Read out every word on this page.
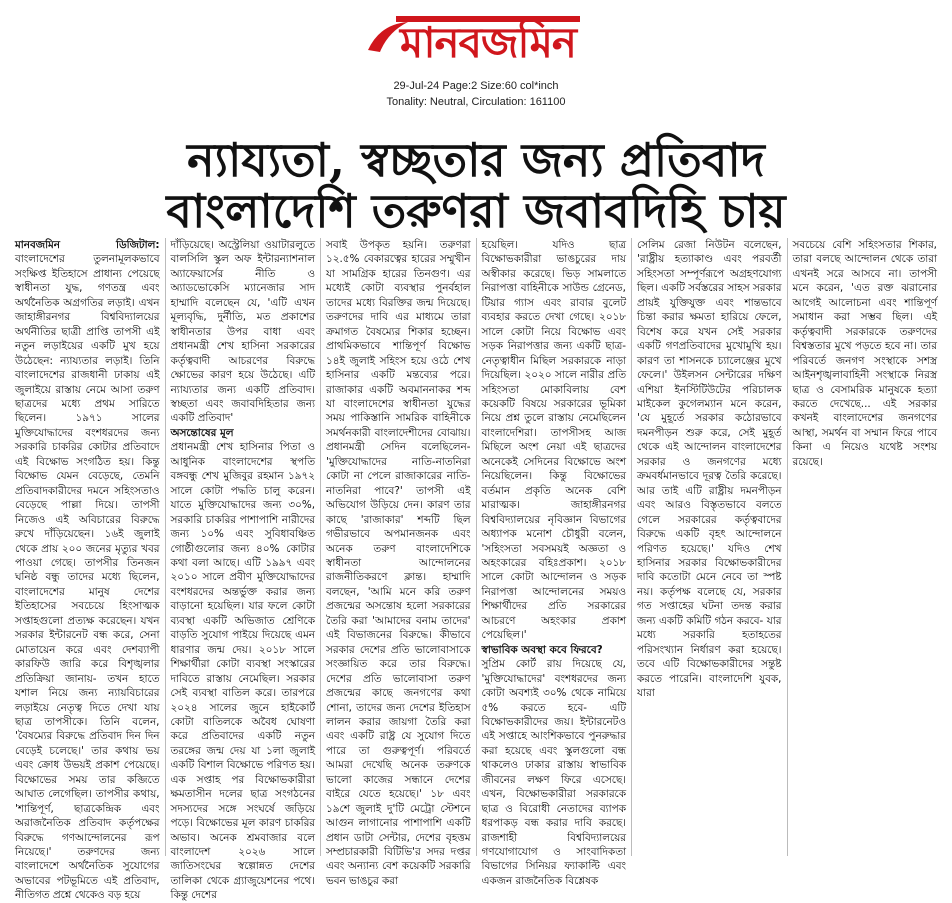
মানবজমিন
29-Jul-24 Page:2 Size:60 col*inch
Tonality: Neutral, Circulation: 161100
ন্যায্যতা, স্বচ্ছতার জন্য প্রতিবাদ
বাংলাদেশি তরুণরা জবাবদিহি চায়

মানবজমিন ডিজিটাল: বাংলাদেশের তুলনামূলকভাবে সংক্ষিপ্ত ইতিহাসে প্রাধান্য পেয়েছে স্বাধীনতা যুদ্ধ, গণতন্ত্র এবং অর্থনৈতিক অগ্রগতির লড়াই। এখন জাহাঙ্গীরনগর বিশ্ববিদ্যালয়ের অর্থনীতির ছাত্রী প্রাপ্তি তাপসী এই নতুন লড়াইয়ের একটি মুখ হয়ে উঠেছেন: ন্যায্যতার লড়াই। তিনি বাংলাদেশের রাজধানী ঢাকায় এই জুলাইয়ে রাস্তায় নেমে আসা তরুণ ছাত্রদের মধ্যে প্রথম সারিতে ছিলেন। ১৯৭১ সালের মুক্তিযোদ্ধাদের বংশধরদের জন্য সরকারি চাকরির কোটার প্রতিবাদে এই বিক্ষোভ সংগঠিত হয়। কিন্তু বিক্ষোভ যেমন বেড়েছে, তেমনি প্রতিবাদকারীদের দমনে সহিংসতাও বেড়েছে পাল্লা দিয়ে। তাপসী নিজেও এই অবিচারের বিরুদ্ধে রুখে দাঁড়িয়েছেন। ১৬ই জুলাই থেকে প্রায় ২০০ জনের মৃত্যুর খবর পাওয়া গেছে। তাপসীর তিনজন ঘনিষ্ঠ বন্ধু তাদের মধ্যে ছিলেন, বাংলাদেশের মানুষ দেশের ইতিহাসের সবচেয়ে হিংসাত্মক সপ্তাহগুলো প্রত্যক্ষ করেছেন। যখন সরকার ইন্টারনেট বন্ধ করে, সেনা মোতায়েন করে এবং দেশব্যাপী কারফিউ জারি করে বিশৃঙ্খলার প্রতিক্রিয়া জানায়- তখন হাতে যশাল নিয়ে জন্য ন্যায়বিচারের লড়াইয়ে নেতৃত্ব দিতে দেখা যায় ছাত্র তাপসীকে। তিনি বলেন, 'বৈষম্যের বিরুদ্ধে প্রতিবাদ দিন দিন বেড়েই চলেছে।' তার কথায় ভয় এবং ক্রোধ উভয়ই প্রকাশ পেয়েছে। বিক্ষোভের সময় তার কব্জিতে আঘাত লেগেছিল। তাপসীর কথায়, 'শান্তিপূর্ণ, ছাত্রকেন্দ্রিক এবং অরাজনৈতিক প্রতিবাদ কর্তৃপক্ষের বিরুদ্ধে গণআন্দোলনের রূপ নিয়েছে।' তরুণদের জন্য বাংলাদেশে অর্থনৈতিক সুযোগের অভাবের পটভূমিতে এই প্রতিবাদ, নীতিগত প্রশ্নে থেকেও বড় হয়ে

দাঁড়িয়েছে। অস্ট্রেলিয়া ওয়াটারলুতে বালসিলি স্কুল অফ ইন্টারন্যাশনাল অ্যাফেয়ার্সের নীতি ও অ্যাডভোকেসি ম্যানেজার সাদ হাম্মাদি বলেছেন যে, 'এটি এখন মূল্যবৃদ্ধি, দুর্নীতি, মত প্রকাশের স্বাধীনতার উপর বাধা এবং প্রধানমন্ত্রী শেখ হাসিনা সরকারের কর্তৃত্ববাদী আচরণের বিরুদ্ধে ক্ষোভের কারণ হয়ে উঠেছে। এটি ন্যায্যতার জন্য একটি প্রতিবাদ। স্বচ্ছতা এবং জবাবদিহিতার জন্য একটি প্রতিবাদ'

অসন্তোষের মূল

প্রধানমন্ত্রী শেখ হাসিনার পিতা ও আধুনিক বাংলাদেশের স্থপতি বঙ্গবন্ধু শেখ মুজিবুর রহমান ১৯৭২ সালে কোটা পদ্ধতি চালু করেন। যাতে মুক্তিযোদ্ধাদের জন্য ৩০%, সরকারি চাকরির পাশাপাশি নারীদের জন্য ১০% এবং সুবিধাবঞ্চিত গোষ্ঠীগুলোর জন্য ৪০% কোটার কথা বলা আছে। এটি ১৯৯৭ এবং ২০১০ সালে প্রবীণ মুক্তিযোদ্ধাদের বংশধরদের অন্তর্ভুক্ত করার জন্য বাড়ানো হয়েছিল। যার ফলে কোটা ব্যবস্থা একটি অভিজাত শ্রেণিকে বাড়তি সুযোগ পাইয়ে দিয়েছে এমন ধারণার জন্ম দেয়। ২০১৮ সালে শিক্ষার্থীরা কোটা ব্যবস্থা সংস্কারের দাবিতে রাস্তায় নেমেছিল। সরকার সেই ব্যবস্থা বাতিল করে। তারপরে ২০২৪ সালের জুনে হাইকোর্ট কোটা বাতিলকে অবৈধ ঘোষণা করে প্রতিবাদের একটি নতুন তরঙ্গের জন্ম দেয় যা ১লা জুলাই একটি বিশাল বিক্ষোভে পরিণত হয়। এক সপ্তাহ পর বিক্ষোভকারীরা ক্ষমতাসীন দলের ছাত্র সংগঠনের সদস্যদের সঙ্গে সংঘর্ষে জড়িয়ে পড়ে। বিক্ষোভের মূল কারণ চাকরির অভাব। অনেক শ্রমবাজার বলে বাংলাদেশ ২০২৬ সালে জাতিসংঘের স্বল্পোন্নত দেশের তালিকা থেকে গ্র্যাজুয়েশনের পথে। কিন্তু দেশের

সবাই উপকৃত হয়নি। তরুণরা ১২.৫% বেকারত্বের হারের সম্মুখীন যা সামগ্রিক হারের তিনগুণ। এর মধ্যেই কোটা ব্যবস্থার পুনর্বহাল তাদের মধ্যে বিরক্তির জন্ম দিয়েছে। তরুণদের দাবি এর মাধ্যমে তারা ক্রমাগত বৈষম্যের শিকার হচ্ছেন। প্রাথমিকভাবে শান্তিপূর্ণ বিক্ষোভ ১৪ই জুলাই সহিংস হয়ে ওঠে শেখ হাসিনার একটি মন্তব্যের পরে। রাজাকার একটি অবমাননাকর শব্দ যা বাংলাদেশের স্বাধীনতা যুদ্ধের সময় পাকিস্তানি সামরিক বাহিনীকে সমর্থনকারী বাংলাদেশীদের বোঝায়। প্রধানমন্ত্রী সেদিন বলেছিলেন- 'মুক্তিযোদ্ধাদের নাতি-নাতনিরা কোটা না পেলে রাজাকারের নাতি-নাতনিরা পাবে?' তাপসী এই অভিযোগ উড়িয়ে দেন। কারণ তার কাছে 'রাজাকার' শব্দটি ছিল গভীরভাবে অপমানজনক এবং অনেক তরুণ বাংলাদেশিকে স্বাধীনতা আন্দোলনের রাজনীতিকরণে ক্লান্ত। হাম্মাদি বলছেন, 'আমি মনে করি তরুণ প্রজন্মের অসন্তোষ হলো সরকারের তৈরি করা 'আমাদের বনাম তাদের' এই বিভাজনের বিরুদ্ধে। কীভাবে সরকার দেশের প্রতি ভালোবাসাকে সংজ্ঞায়িত করে তার বিরুদ্ধে। দেশের প্রতি ভালোবাসা তরুণ প্রজন্মের কাছে জনগণের কথা শোনা, তাদের জন্য দেশের ইতিহাস লালন করার জায়গা তৈরি করা এবং একটি রাষ্ট্র যে সুযোগ দিতে পারে তা গুরুত্বপূর্ণ। পরিবর্তে আমরা দেখেছি অনেক তরুণকে ভালো কাজের সন্ধানে দেশের বাইরে যেতে হয়েছে।' ১৮ এবং ১৯শে জুলাই দু'টি মেট্রো স্টেশনে আগুন লাগানোর পাশাপাশি একটি প্রধান ডাটা সেন্টার, দেশের বৃহত্তম সম্প্রচারকারী বিটিভি'র সদর দপ্তর এবং অন্যান্য বেশ কয়েকটি সরকারি ভবন ভাঙচুর করা

হয়েছিল। যদিও ছাত্র বিক্ষোভকারীরা ভাঙচুরের দায় অস্বীকার করেছে। ভিড় সামলাতে নিরাপত্তা বাহিনীকে সাউন্ড গ্রেনেড, টিয়ার গ্যাস এবং রাবার বুলেট ব্যবহার করতে দেখা গেছে। ২০১৮ সালে কোটা নিয়ে বিক্ষোভ এবং সড়ক নিরাপত্তার জন্য একটি ছাত্র-নেতৃত্বাধীন মিছিল সরকারকে নাড়া দিয়েছিল। ২০২০ সালে নারীর প্রতি সহিংসতা মোকাবিলায় বেশ কয়েকটি বিষয়ে সরকারের ভূমিকা নিয়ে প্রশ্ন তুলে রাস্তায় নেমেছিলেন বাংলাদেশিরা। তাপসীসহ আজ মিছিলে অংশ নেয়া এই ছাত্রদের অনেকেই সেদিনের বিক্ষোভে অংশ নিয়েছিলেন। কিন্তু বিক্ষোভের বর্তমান প্রকৃতি অনেক বেশি মারাত্মক। জাহাঙ্গীরনগর বিশ্ববিদ্যালয়ের নৃবিজ্ঞান বিভাগের অধ্যাপক মনোশ চৌধুরী বলেন, 'সহিংসতা সবসময়ই অজ্ঞতা ও অহংকারের বহিঃপ্রকাশ। ২০১৮ সালে কোটা আন্দোলন ও সড়ক নিরাপত্তা আন্দোলনের সময়ও শিক্ষার্থীদের প্রতি সরকারের আচরণে অহংকার প্রকাশ পেয়েছিল।'

স্বাভাবিক অবস্থা কবে ফিরবে?

সুপ্রিম কোর্ট রায় দিয়েছে যে, 'মুক্তিযোদ্ধাদের' বংশধরদের জন্য কোটা অবশ্যই ৩০% থেকে নামিয়ে ৫% করতে হবে- এটি বিক্ষোভকারীদের জয়। ইন্টারনেটও এই সপ্তাহে আংশিকভাবে পুনরুদ্ধার করা হয়েছে এবং স্কুলগুলো বন্ধ থাকলেও ঢাকার রাস্তায় স্বাভাবিক জীবনের লক্ষণ ফিরে এসেছে। এখন, বিক্ষোভকারীরা সরকারকে ছাত্র ও বিরোধী নেতাদের ব্যাপক ধরপাকড় বন্ধ করার দাবি করছে। রাজশাহী বিশ্ববিদ্যালয়ের গণযোগাযোগ ও সাংবাদিকতা বিভাগের সিনিয়র ফ্যাকাল্টি এবং একজন রাজনৈতিক বিশ্লেষক

সেলিম রেজা নিউটন বলেছেন, 'রাষ্ট্রীয় হত্যাকাণ্ড এবং পরবর্তী সহিংসতা সম্পূর্ণরূপে অগ্রহণযোগ্য ছিল। একটি সর্বস্তরের সাহস সরকার প্রায়ই যুক্তিযুক্ত এবং শান্তভাবে চিন্তা করার ক্ষমতা হারিয়ে ফেলে, বিশেষ করে যখন সেই সরকার একটি গণপ্রতিবাদের মুখোমুখি হয়। কারণ তা শাসনকে চ্যালেঞ্জের মুখে ফেলে।' উইলসন সেন্টারের দক্ষিণ এশিয়া ইনস্টিটিউটের পরিচালক মাইকেল কুগেলম্যান মনে করেন, 'যে মুহূর্তে সরকার কঠোরভাবে দমনপীড়ন শুরু করে, সেই মুহূর্ত থেকে এই আন্দোলন বাংলাদেশের সরকার ও জনগণের মধ্যে ক্রমবর্ধমানভাবে দূরত্ব তৈরি করেছে। আর তাই এটি রাষ্ট্রীয় দমনপীড়ন এবং আরও বিস্তৃতভাবে বলতে গেলে সরকারের কর্তৃত্ববাদের বিরুদ্ধে একটি বৃহৎ আন্দোলনে পরিণত হয়েছে।' যদিও শেখ হাসিনার সরকার বিক্ষোভকারীদের দাবি কতোটা মেনে নেবে তা স্পষ্ট নয়। কর্তৃপক্ষ বলেছে যে, সরকার গত সপ্তাহের ঘটনা তদন্ত করার জন্য একটি কমিটি গঠন করবে- যার মধ্যে সরকারি হতাহতের পরিসংখ্যান নির্ধারণ করা হয়েছে। তবে এটি বিক্ষোভকারীদের সন্তুষ্ট করতে পারেনি। বাংলাদেশি যুবক, যারা

সবচেয়ে বেশি সহিংসতার শিকার, তারা বলছে আন্দোলন থেকে তারা এখনই সরে আসবে না। তাপসী মনে করেন, 'এত রক্ত ঝরানোর আগেই আলোচনা এবং শান্তিপূর্ণ সমাধান করা সম্ভব ছিল। এই কর্তৃত্ববাদী সরকারকে তরুণদের বিশ্বস্ততার মুখে পড়তে হবে না। তার পরিবর্তে জনগণ সংস্থাকে সশস্ত্র আইনশৃঙ্খলাবাহিনী সংস্থাকে নিরস্ত্র ছাত্র ও বেসামরিক মানুষকে হত্যা করতে দেখেছে... এই সরকার কখনই বাংলাদেশের জনগণের আস্থা, সমর্থন বা সম্মান ফিরে পাবে কিনা এ নিয়েও যথেষ্ট সংশয় রয়েছে।
